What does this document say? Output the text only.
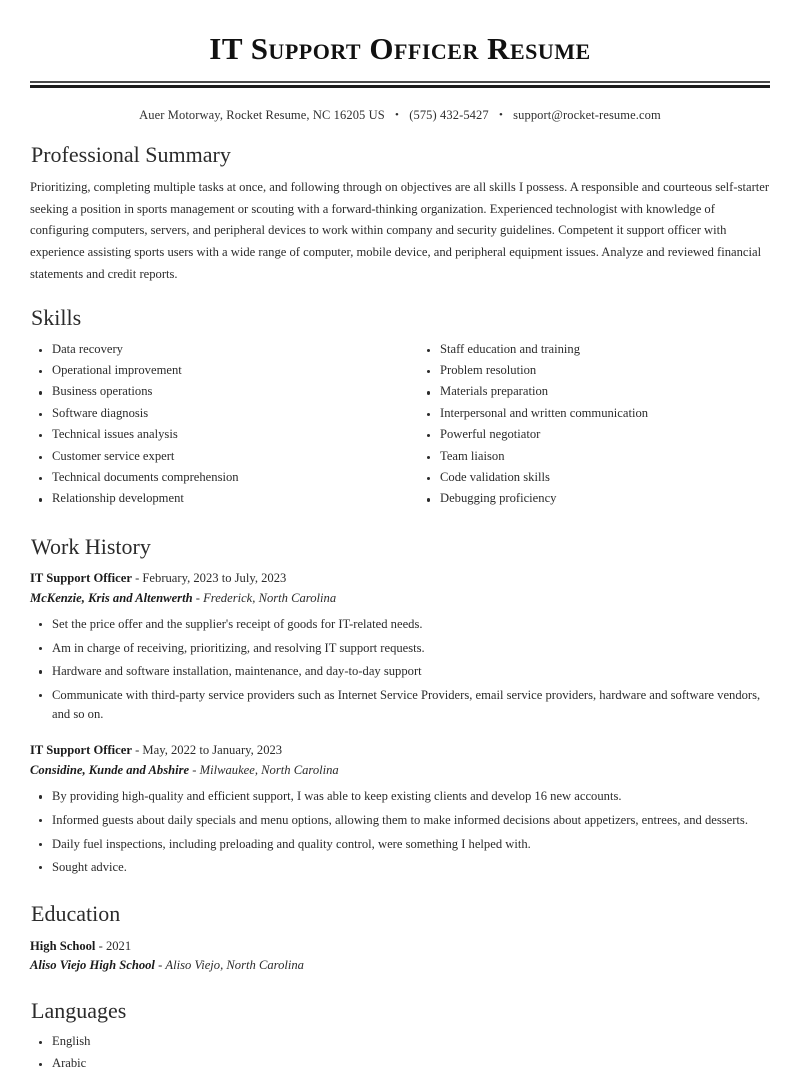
IT Support Officer Resume
Auer Motorway, Rocket Resume, NC 16205 US • (575) 432-5427 • support@rocket-resume.com
Professional Summary

Prioritizing, completing multiple tasks at once, and following through on objectives are all skills I possess. A responsible and courteous self-starter seeking a position in sports management or scouting with a forward-thinking organization. Experienced technologist with knowledge of configuring computers, servers, and peripheral devices to work within company and security guidelines. Competent it support officer with experience assisting sports users with a wide range of computer, mobile device, and peripheral equipment issues. Analyze and reviewed financial statements and credit reports.

Skills
Data recovery
Operational improvement
Business operations
Software diagnosis
Technical issues analysis
Customer service expert
Technical documents comprehension
Relationship development
Staff education and training
Problem resolution
Materials preparation
Interpersonal and written communication
Powerful negotiator
Team liaison
Code validation skills
Debugging proficiency
Work History
IT Support Officer - February, 2023 to July, 2023
McKenzie, Kris and Altenwerth - Frederick, North Carolina
Set the price offer and the supplier's receipt of goods for IT-related needs.
Am in charge of receiving, prioritizing, and resolving IT support requests.
Hardware and software installation, maintenance, and day-to-day support
Communicate with third-party service providers such as Internet Service Providers, email service providers, hardware and software vendors, and so on.
IT Support Officer - May, 2022 to January, 2023
Considine, Kunde and Abshire - Milwaukee, North Carolina
By providing high-quality and efficient support, I was able to keep existing clients and develop 16 new accounts.
Informed guests about daily specials and menu options, allowing them to make informed decisions about appetizers, entrees, and desserts.
Daily fuel inspections, including preloading and quality control, were something I helped with.
Sought advice.
Education
High School - 2021
Aliso Viejo High School - Aliso Viejo, North Carolina
Languages
English
Arabic
